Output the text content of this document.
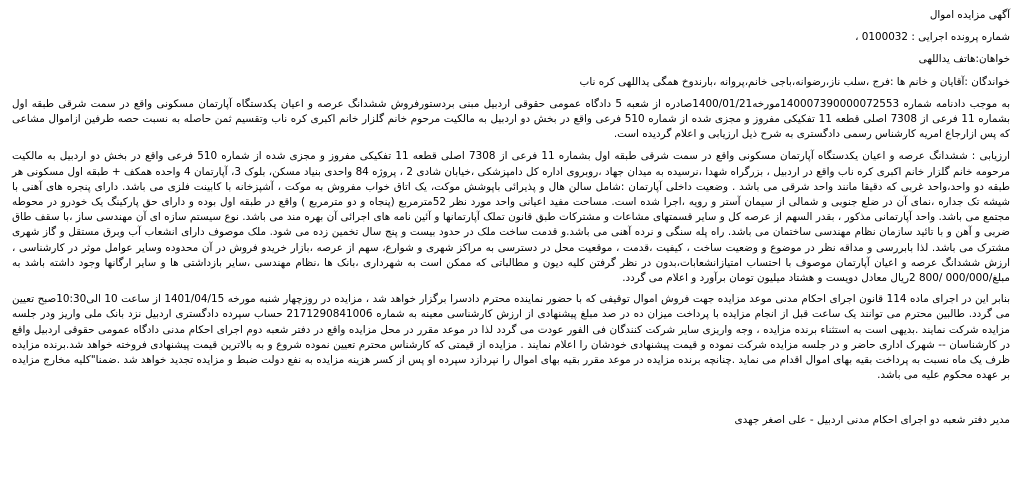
آگهی مزایده اموال
شماره پرونده اجرایی : 0100032 ،
خواهان:هاتف یداللهی
خواندگان :آقایان و خانم ها :فرج ،سلب ناز،رضوانه،باجی خانم،پروانه ،بارندوخ همگی یداللهی کره ناب
به موجب دادنامه شماره 140007390000072553مورخه1400/01/21صادره از شعبه 5 دادگاه عمومی حقوقی اردبیل مبنی بردستورفروش ششدانگ عرصه و اعیان یکدستگاه آپارتمان مسکونی واقع در سمت شرقی طبقه اول بشماره 11 فرعی از 7308 اصلی قطعه 11 تفکیکی مفروز و مجزی شده از شماره 510 فرعی واقع در بخش دو اردبیل به مالکیت مرحوم خانم گلزار خانم اکبری کره ناب وتقسیم ثمن حاصله به نسبت حصه طرفین ازاموال مشاعی که پس ازارجاع امریه کارشناس رسمی دادگستری به شرح ذیل ارزیابی و اعلام گردیده است.
ارزیابی : ششدانگ عرصه و اعیان یکدستگاه آپارتمان مسکونی واقع در سمت شرقی طبقه اول بشماره 11 فرعی از 7308 اصلی قطعه 11 تفکیکی مفروز و مجزی شده از شماره 510 فرعی واقع در بخش دو اردبیل به مالکیت مرحومه خانم گلزار خانم اکبری کره ناب واقع در اردبیل ، بزرگراه شهدا ،نرسیده به میدان جهاد ،روبروی اداره کل دامپزشکی ،خیابان شادی 2 ، پروژه 84 واحدی بنیاد مسکن، بلوک 3، آپارتمان 4 واحده همکف + طبقه اول مسکونی هر طبقه دو واحد،واحد غربی که دقیقا مانند واحد شرقی می باشد . وضعیت داخلی آپارتمان :شامل سالن هال و پذیرائی باپوشش موکت، یک اتاق خواب مفروش به موکت ، آشپزخانه با کابینت فلزی می باشد. دارای پنجره های آهنی با شیشه تک جداره ،نمای آن در ضلع جنوبی و شمالی از سیمان آستر و رویه ،اجرا شده است. مساحت مفید اعیانی واحد مورد نظر 52مترمربع (پنجاه و دو مترمربع ) واقع در طبقه اول بوده و دارای حق پارکینگ یک خودرو در محوطه مجتمع می باشد. واحد آپارتمانی مذکور ، بقدر السهم از عرصه کل و سایر قسمتهای مشاعات و مشترکات طبق قانون تملک آپارتمانها و آئین نامه های اجرائی آن بهره مند می باشد. نوع سیستم سازه ای آن مهندسی ساز ،با سقف طاق ضربی و آهن و با تائید سازمان نظام مهندسی ساختمان می باشد. راه پله سنگی و نرده آهنی می باشد.و قدمت ساخت ملک در حدود بیست و پنج سال تخمین زده می شود. ملک موصوف دارای انشعاب آب وبرق مستقل و گاز شهری مشترک می باشد. لذا بابررسی و مداقه نظر در موضوع و وضعیت ساخت ، کیفیت ،قدمت ، موقعیت محل در دسترسی به مراکز شهری و شوارع، سهم از عرصه ،بازار خریدو فروش در آن محدوده وسایر عوامل موثر در کارشناسی ، ارزش ششدانگ عرصه و اعیان آپارتمان موصوف با احتساب امتیازانشعابات،بدون در نظر گرفتن کلیه دیون و مطالباتی که ممکن است به شهرداری ،بانک ها ،نظام مهندسی ،سایر بازداشتی ها و سایر ارگانها وجود داشته باشد به مبلغ/000/000 /800 2ریال معادل دویست و هشتاد میلیون تومان برآورد و اعلام می گردد.
بنابر این در اجرای ماده 114 قانون اجرای احکام مدنی موعد مزایده جهت فروش اموال توقیفی که با حضور نماینده محترم دادسرا برگزار خواهد شد ، مزایده در روزچهار شنبه مورخه 1401/04/15 از ساعت 10 الی10:30صبح تعیین می گردد. طالبین محترم می توانند یک ساعت قبل از انجام مزایده با پرداخت میزان ده در صد مبلغ پیشنهادی از ارزش کارشناسی معینه به شماره 2171290841006 حساب سپرده دادگستری اردبیل نزد بانک ملی واریز ودر جلسه مزایده شرکت نمایند .بدیهی است به استثناء برنده مزایده ، وجه واریزی سایر شرکت کنندگان فی الفور عودت می گردد لذا در موعد مقرر در محل مزایده واقع در دفتر شعبه دوم اجرای احکام مدنی دادگاه عمومی حقوقی اردبیل واقع در کارشناسان -- شهرک اداری حاضر و در جلسه مزایده شرکت نموده و قیمت پیشنهادی خودشان را اعلام نمایند . مزایده از قیمتی که کارشناس محترم تعیین نموده شروع و به بالاترین قیمت پیشنهادی فروخته خواهد شد.برنده مزایده ظرف یک ماه نسبت به پرداخت بقیه بهای اموال اقدام می نماید .چنانچه برنده مزایده در موعد مقرر بقیه بهای اموال را نپردازد سپرده او پس از کسر هزینه مزایده به نفع دولت ضبط و مزایده تجدید خواهد شد .ضمنا"کلیه مخارج مزایده بر عهده محکوم علیه می باشد.
مدیر دفتر شعبه دو اجرای احکام مدنی اردبیل - علی اصغر جهدی
